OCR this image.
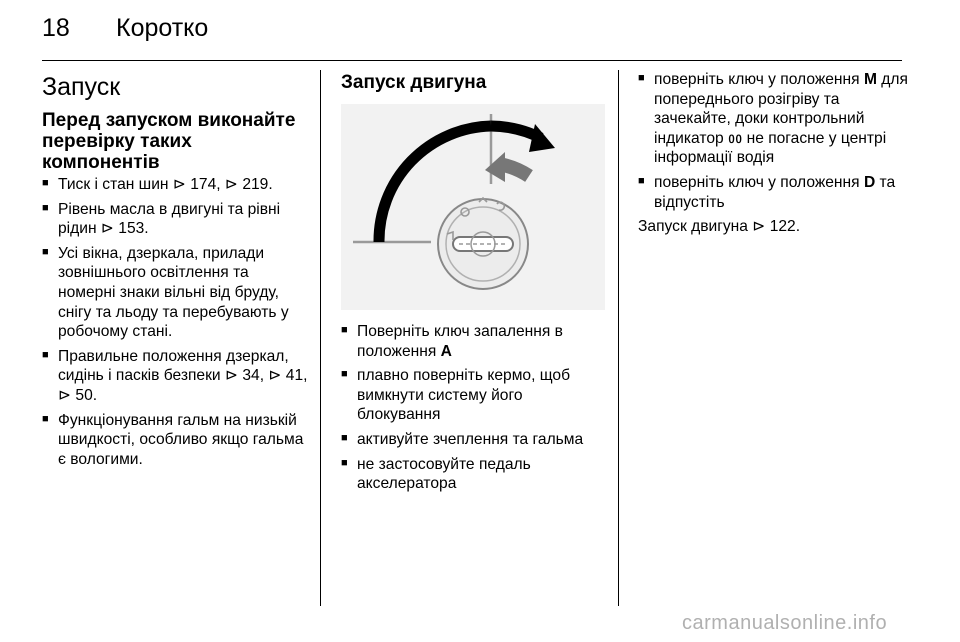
18 Коротко
Запуск
Перед запуском виконайте перевірку таких компонентів
■ Тиск і стан шин ⊳ 174, ⊳ 219.
■ Рівень масла в двигуні та рівні рідин ⊳ 153.
■ Усі вікна, дзеркала, прилади зовнішнього освітлення та номерні знаки вільні від бруду, снігу та льоду та перебувають у робочому стані.
■ Правильне положення дзеркал, сидінь і пасків безпеки ⊳ 34, ⊳ 41, ⊳ 50.
■ Функціонування гальм на низькій швидкості, особливо якщо гальма є вологими.
Запуск двигуна
■ Поверніть ключ запалення в положення A
■ плавно поверніть кермо, щоб вимкнути систему його блокування
■ активуйте зчеплення та гальма
■ не застосовуйте педаль акселератора
■ поверніть ключ у положення M для попереднього розігріву та зачекайте, доки контрольний індикатор ᲂᲂ не погасне у центрі інформації водія
■ поверніть ключ у положення D та відпустіть
Запуск двигуна ⊳ 122.
carmanualsonline.info
